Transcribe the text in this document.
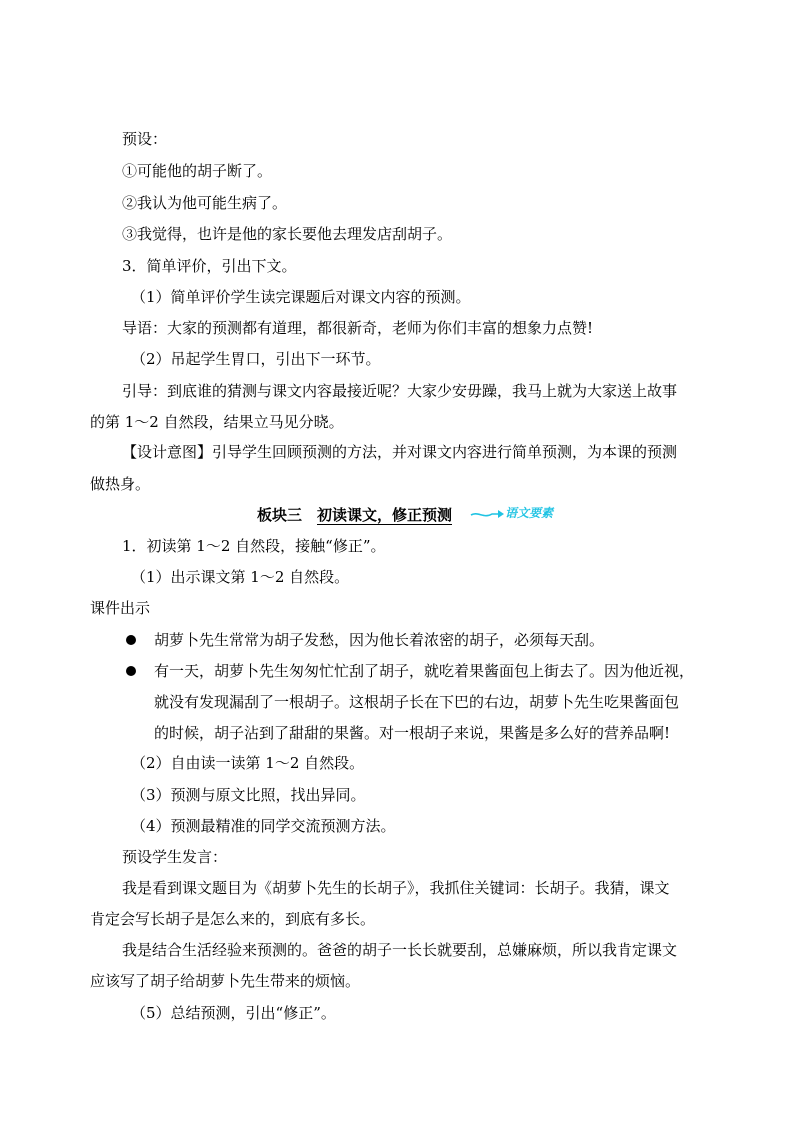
预设：
①可能他的胡子断了。
②我认为他可能生病了。
③我觉得，也许是他的家长要他去理发店刮胡子。
3．简单评价，引出下文。
（1）简单评价学生读完课题后对课文内容的预测。
导语：大家的预测都有道理，都很新奇，老师为你们丰富的想象力点赞!
（2）吊起学生胃口，引出下一环节。
引导：到底谁的猜测与课文内容最接近呢？大家少安毋躁，我马上就为大家送上故事
的第 1～2 自然段，结果立马见分晓。
【设计意图】引导学生回顾预测的方法，并对课文内容进行简单预测，为本课的预测
做热身。
板块三　初读课文，修正预测	语文要素
1．初读第 1～2 自然段，接触“修正”。
（1）出示课文第 1～2 自然段。
课件出示
胡萝卜先生常常为胡子发愁，因为他长着浓密的胡子，必须每天刮。
有一天，胡萝卜先生匆匆忙忙刮了胡子，就吃着果酱面包上街去了。因为他近视，
就没有发现漏刮了一根胡子。这根胡子长在下巴的右边，胡萝卜先生吃果酱面包
的时候，胡子沾到了甜甜的果酱。对一根胡子来说，果酱是多么好的营养品啊!
（2）自由读一读第 1～2 自然段。
（3）预测与原文比照，找出异同。
（4）预测最精准的同学交流预测方法。
预设学生发言：
我是看到课文题目为《胡萝卜先生的长胡子》，我抓住关键词：长胡子。我猜，课文
肯定会写长胡子是怎么来的，到底有多长。
我是结合生活经验来预测的。爸爸的胡子一长长就要刮，总嫌麻烦，所以我肯定课文
应该写了胡子给胡萝卜先生带来的烦恼。
（5）总结预测，引出“修正”。
